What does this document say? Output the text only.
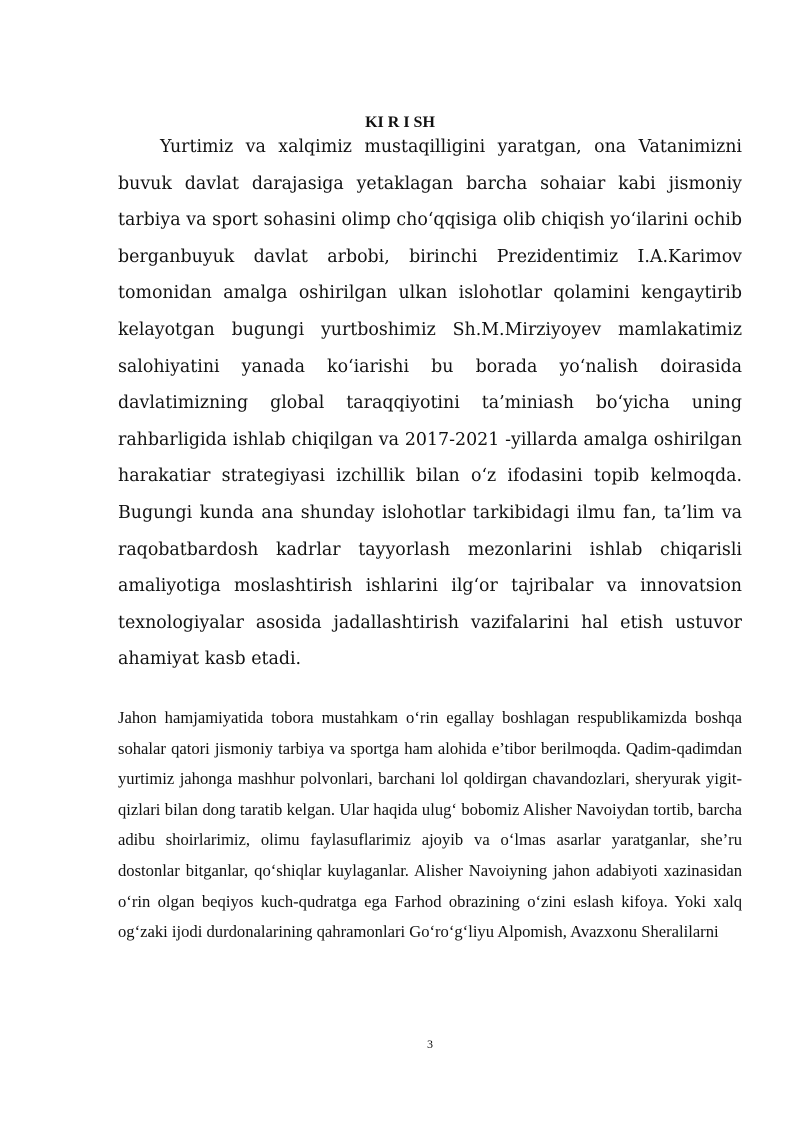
KI R I SH

Yurtimiz va xalqimiz mustaqilligini yaratgan, ona Vatanimizni buvuk davlat darajasiga yetaklagan barcha sohaiar kabi jismoniy tarbiya va sport sohasini olimp cho‘qqisiga olib chiqish yo‘ilarini ochib berganbuyuk davlat arbobi, birinchi Prezidentimiz I.A.Karimov tomonidan amalga oshirilgan ulkan islohotlar qolamini kengaytirib kelayotgan bugungi yurtboshimiz Sh.M.Mirziyoyev mamlakatimiz salohiyatini yanada ko‘iarishi bu borada yo‘nalish doirasida davlatimizning global taraqqiyotini ta’miniash bo‘yicha uning rahbarligida ishlab chiqilgan va 2017-2021 -yillarda amalga oshirilgan harakatiar strategiyasi izchillik bilan o‘z ifodasini topib kelmoqda. Bugungi kunda ana shunday islohotlar tarkibidagi ilmu fan, ta’lim va raqobatbardosh kadrlar tayyorlash mezonlarini ishlab chiqarisli amaliyotiga moslashtirish ishlarini ilg‘or tajribalar va innovatsion texnologiyalar asosida jadallashtirish vazifalarini hal etish ustuvor ahamiyat kasb etadi.

Jahon hamjamiyatida tobora mustahkam o‘rin egallay boshlagan respublikamizda boshqa sohalar qatori jismoniy tarbiya va sportga ham alohida e’tibor berilmoqda. Qadim-qadimdan yurtimiz jahonga mashhur polvonlari, barchani lol qoldirgan chavandozlari, sheryurak yigit-qizlari bilan dong taratib kelgan. Ular haqida ulug‘ bobomiz Alisher Navoiydan tortib, barcha adibu shoirlarimiz, olimu faylasuflarimiz ajoyib va o‘lmas asarlar yaratganlar, she’ru dostonlar bitganlar, qo‘shiqlar kuylaganlar. Alisher Navoiyning jahon adabiyoti xazinasidan o‘rin olgan beqiyos kuch-qudratga ega Farhod obrazining o‘zini eslash kifoya. Yoki xalq og‘zaki ijodi durdonalarining qahramonlari Go‘ro‘g‘liyu Alpomish, Avazxonu Sheralilarni

3
